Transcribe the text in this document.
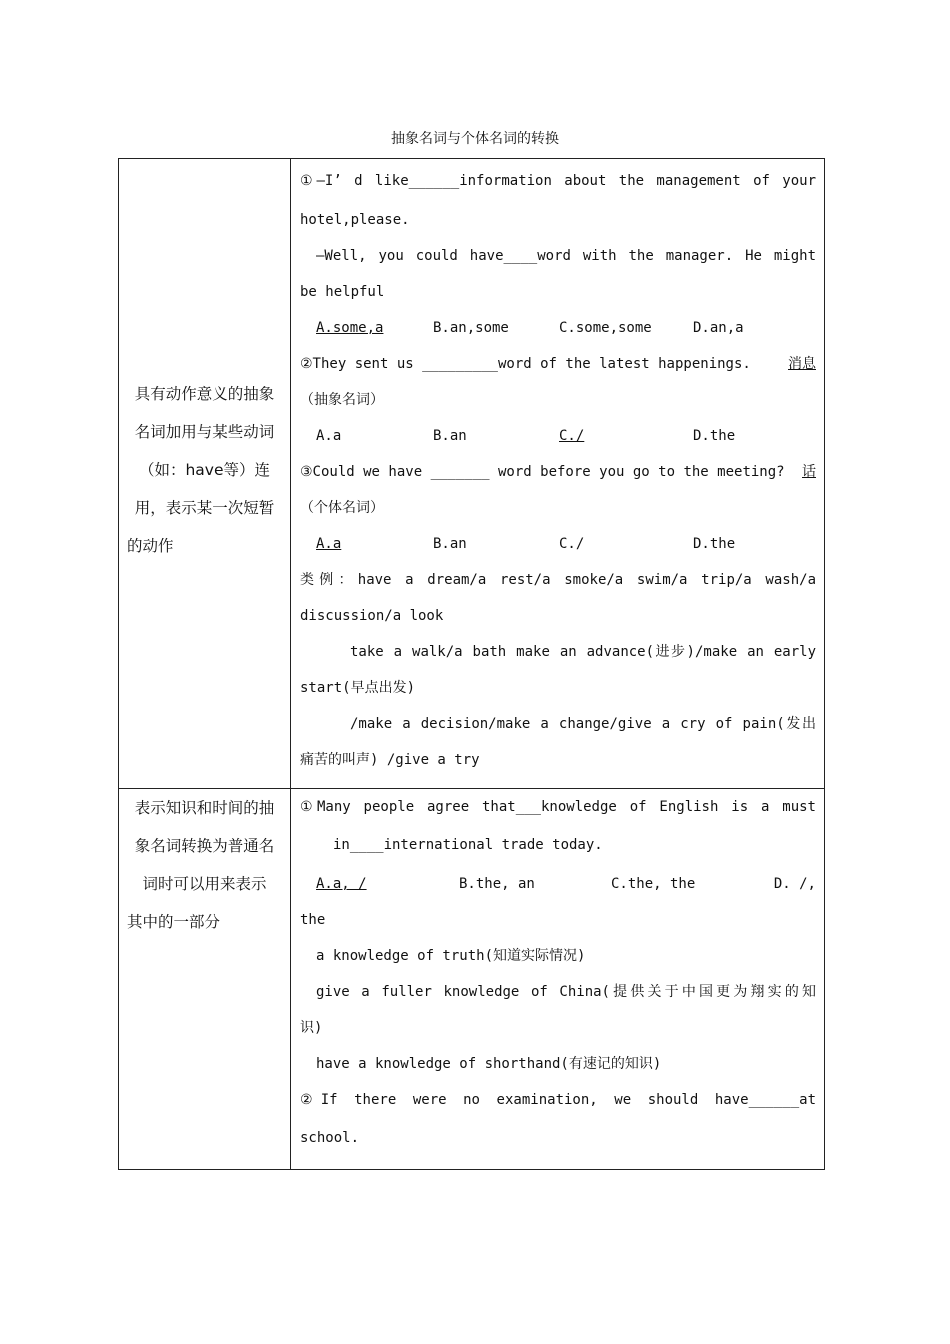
抽象名词与个体名词的转换
具有动作意义的抽象
名词加用与某些动词
（如：have等）连
用，表示某一次短暂
的动作
①—I’ d like______information about the management of your
hotel,please.
—Well, you could have____word with the manager. He might
be helpful
A.some,a	B.an,some	C.some,some	D.an,a
②They sent us _________word of the latest happenings.	消息
（抽象名词）
A.a	B.an	C./	D.the
③Could we have _______ word before you go to the meeting? 话
（个体名词）
A.a	B.an	C./	D.the
类例：have a dream/a rest/a smoke/a swim/a trip/a wash/a
discussion/a look
take a walk/a bath make an advance(进步)/make an early
start(早点出发)
/make a decision/make a change/give a cry of pain(发出
痛苦的叫声) /give a try
表示知识和时间的抽
象名词转换为普通名
词时可以用来表示
其中的一部分
①Many people agree that___knowledge of English is a must
in____international trade today.
A.a, /	B.the, an	C.the, the	D. /,
the
a knowledge of truth(知道实际情况)
give a fuller knowledge of China(提供关于中国更为翔实的知
识)
have a knowledge of shorthand(有速记的知识)
②If there were no examination, we should have______at
school.
